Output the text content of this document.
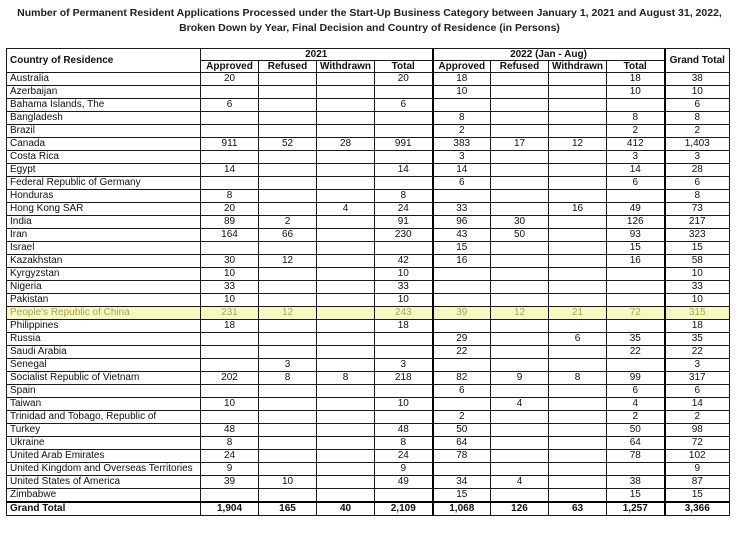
Number of Permanent Resident Applications Processed under the Start-Up Business Category between January 1, 2021 and August 31, 2022,
Broken Down by Year, Final Decision and Country of Residence (in Persons)
Country of Residence	2021				2022 (Jan - Aug)				Grand Total
	Approved	Refused	Withdrawn	Total	Approved	Refused	Withdrawn	Total	
Australia	20			20	18			18	38
Azerbaijan					10			10	10
Bahama Islands, The	6			6					6
Bangladesh					8			8	8
Brazil					2			2	2
Canada	911	52	28	991	383	17	12	412	1,403
Costa Rica					3			3	3
Egypt	14			14	14			14	28
Federal Republic of Germany					6			6	6
Honduras	8			8					8
Hong Kong SAR	20		4	24	33		16	49	73
India	89	2		91	96	30		126	217
Iran	164	66		230	43	50		93	323
Israel					15			15	15
Kazakhstan	30	12		42	16			16	58
Kyrgyzstan	10			10					10
Nigeria	33			33					33
Pakistan	10			10					10
People's Republic of China	231	12		243	39	12	21	72	315
Philippines	18			18					18
Russia					29		6	35	35
Saudi Arabia					22			22	22
Senegal		3		3					3
Socialist Republic of Vietnam	202	8	8	218	82	9	8	99	317
Spain					6			6	6
Taiwan	10			10		4		4	14
Trinidad and Tobago, Republic of					2			2	2
Turkey	48			48	50			50	98
Ukraine	8			8	64			64	72
United Arab Emirates	24			24	78			78	102
United Kingdom and Overseas Territories	9			9					9
United States of America	39	10		49	34	4		38	87
Zimbabwe					15			15	15
Grand Total	1,904	165	40	2,109	1,068	126	63	1,257	3,366
